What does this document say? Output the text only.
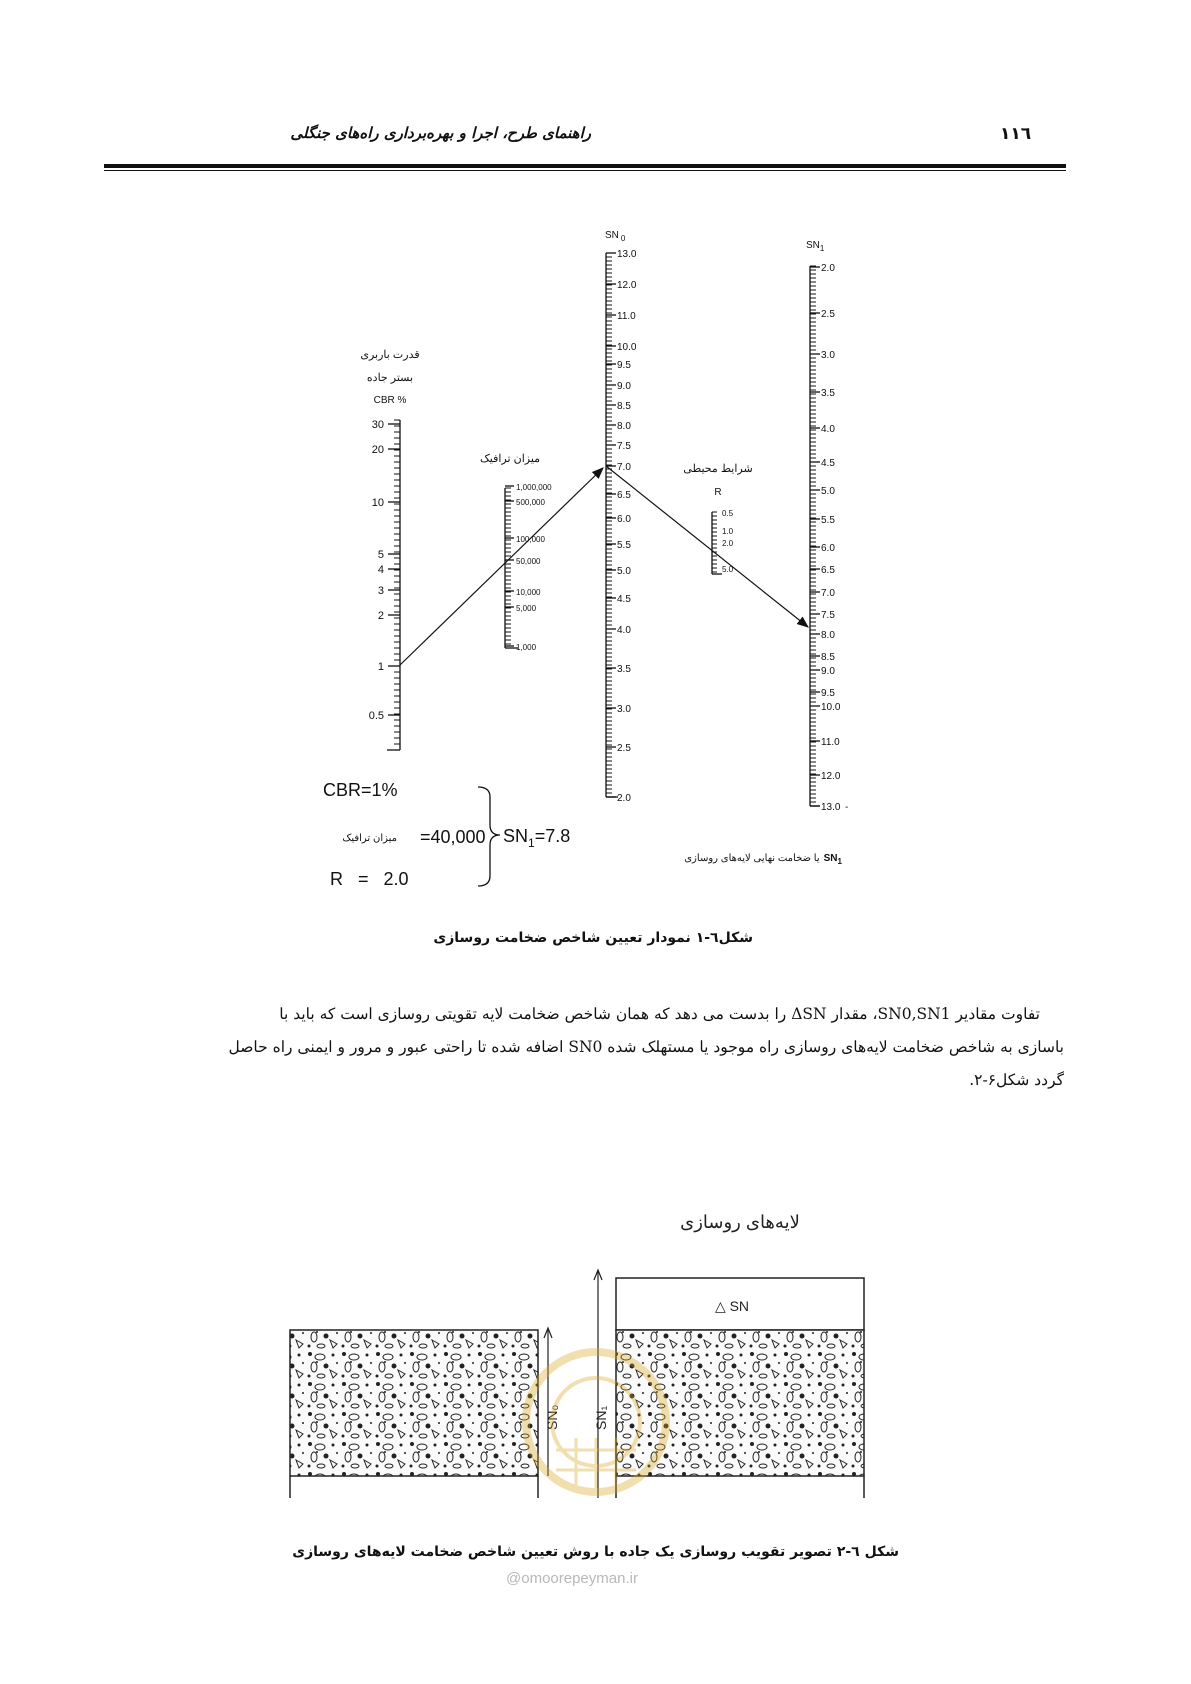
راهنمای طرح، اجرا و بهره‌برداری راه‌های جنگلی	۱۱٦
30
20
10
5
4
3
2
1
0.5
1,000,000
500,000
100,000
50,000
10,000
5,000
1,000
13.0
12.0
11.0
10.0
9.5
9.0
8.5
8.0
7.5
7.0
6.5
6.0
5.5
5.0
4.5
4.0
3.5
3.0
2.5
2.0
0.5
1.0
2.0
5.0
2.0
2.5
3.0
3.5
4.0
4.5
5.0
5.5
6.0
6.5
7.0
7.5
8.0
8.5
9.0
9.5
10.0
11.0
12.0
13.0 -
قدرت باربری
بستر جاده
CBR %
میزان ترافیک
شرایط محیطی
R
SN $_0$
$SN_1$
CBR=1%
=40,000
میزان ترافیک
R   =   2.0
$SN_1=7.8$
یا ضخامت نهایی لایه‌های روسازی $SN_1$
شکل٦-۱ نمودار تعیین شاخص ضخامت روسازی
تفاوت مقادیر SN0,SN1، مقدار ΔSN را بدست می دهد که همان شاخص ضخامت لایه تقویتی روسازی است که باید با
باسازی به شاخص ضخامت لایه‌های روسازی راه موجود یا مستهلک شده SN0 اضافه شده تا راحتی عبور و مرور و ایمنی راه حاصل
گردد شکل۶-۲.
SN₀ SN₁
لایه‌های روسازی
△ SN
شکل ٦-۲ تصویر تقویب روسازی یک جاده با روش تعیین شاخص ضخامت لایه‌های روسازی
@omoorepeyman.ir
